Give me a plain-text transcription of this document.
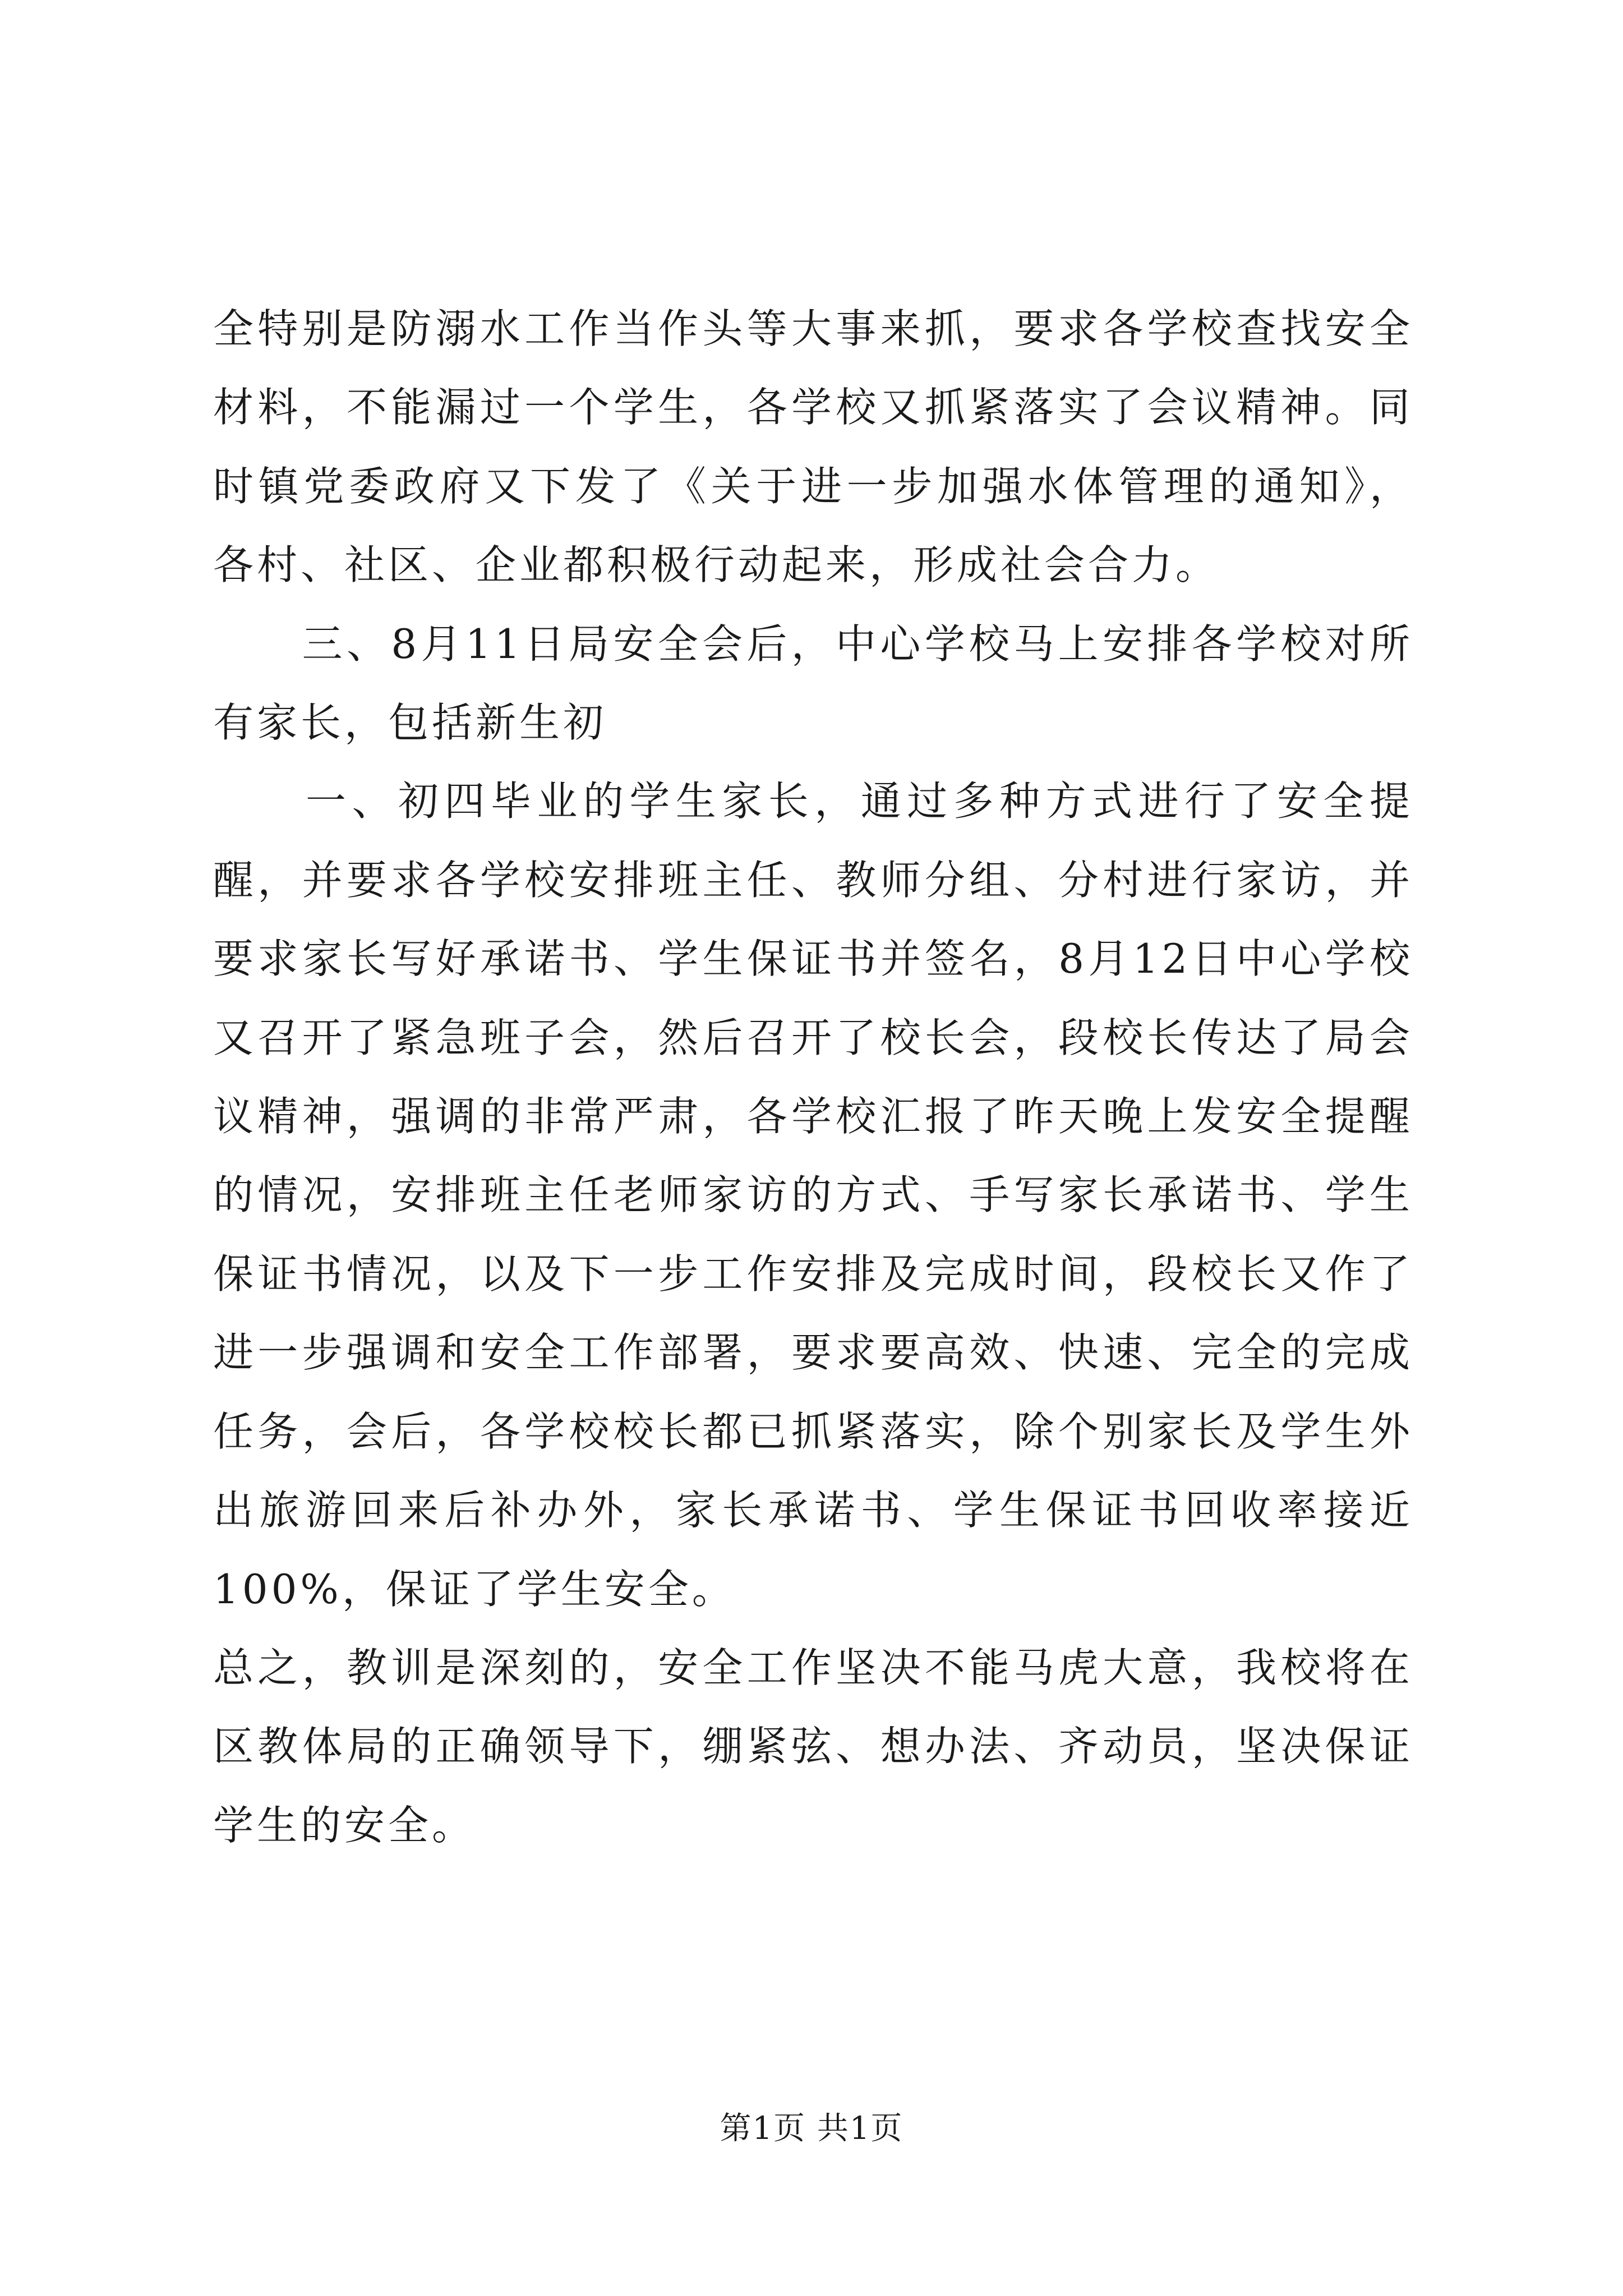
全特别是防溺水工作当作头等大事来抓，要求各学校查找安全材料，不能漏过一个学生，各学校又抓紧落实了会议精神。同时镇党委政府又下发了《关于进一步加强水体管理的通知》，各村、社区、企业都积极行动起来，形成社会合力。

　　三、8月11日局安全会后，中心学校马上安排各学校对所有家长，包括新生初

　　一、初四毕业的学生家长，通过多种方式进行了安全提醒，并要求各学校安排班主任、教师分组、分村进行家访，并要求家长写好承诺书、学生保证书并签名，8月12日中心学校又召开了紧急班子会，然后召开了校长会，段校长传达了局会议精神，强调的非常严肃，各学校汇报了昨天晚上发安全提醒的情况，安排班主任老师家访的方式、手写家长承诺书、学生保证书情况，以及下一步工作安排及完成时间，段校长又作了进一步强调和安全工作部署，要求要高效、快速、完全的完成任务，会后，各学校校长都已抓紧落实，除个别家长及学生外出旅游回来后补办外，家长承诺书、学生保证书回收率接近100%，保证了学生安全。

总之，教训是深刻的，安全工作坚决不能马虎大意，我校将在区教体局的正确领导下，绷紧弦、想办法、齐动员，坚决保证学生的安全。

第1页 共1页
